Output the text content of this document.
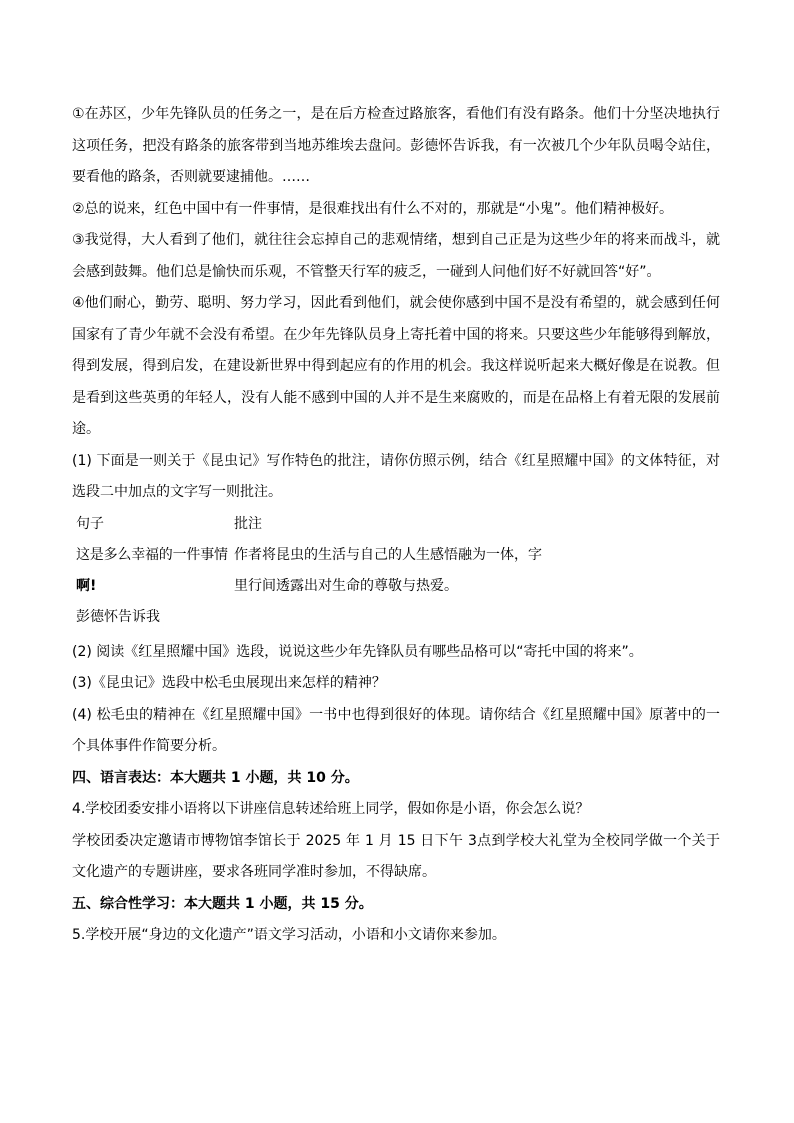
①在苏区，少年先锋队员的任务之一，是在后方检查过路旅客，看他们有没有路条。他们十分坚决地执行这项任务，把没有路条的旅客带到当地苏维埃去盘问。彭德怀告诉我，有一次被几个少年队员喝令站住，要看他的路条，否则就要逮捕他。……

②总的说来，红色中国中有一件事情，是很难找出有什么不对的，那就是“小鬼”。他们精神极好。

③我觉得，大人看到了他们，就往往会忘掉自己的悲观情绪，想到自己正是为这些少年的将来而战斗，就会感到鼓舞。他们总是愉快而乐观，不管整天行军的疲乏，一碰到人问他们好不好就回答“好”。

④他们耐心，勤劳、聪明、努力学习，因此看到他们，就会使你感到中国不是没有希望的，就会感到任何国家有了青少年就不会没有希望。在少年先锋队员身上寄托着中国的将来。只要这些少年能够得到解放，得到发展，得到启发，在建设新世界中得到起应有的作用的机会。我这样说听起来大概好像是在说教。但是看到这些英勇的年轻人，没有人能不感到中国的人并不是生来腐败的，而是在品格上有着无限的发展前途。

(1) 下面是一则关于《昆虫记》写作特色的批注，请你仿照示例，结合《红星照耀中国》的文体特征，对选段二中加点的文字写一则批注。

句子	批注
这是多么幸福的一件事情
啊!	作者将昆虫的生活与自己的人生感悟融为一体，字里行间透露出对生命的尊敬与热爱。
彭德怀告诉我	

(2) 阅读《红星照耀中国》选段，说说这些少年先锋队员有哪些品格可以“寄托中国的将来”。

(3)《昆虫记》选段中松毛虫展现出来怎样的精神？

(4) 松毛虫的精神在《红星照耀中国》一书中也得到很好的体现。请你结合《红星照耀中国》原著中的一个具体事件作简要分析。

四、语言表达：本大题共 1 小题，共 10 分。

4.学校团委安排小语将以下讲座信息转述给班上同学，假如你是小语，你会怎么说？

学校团委决定邀请市博物馆李馆长于 2025 年 1 月 15 日下午 3点到学校大礼堂为全校同学做一个关于文化遗产的专题讲座，要求各班同学准时参加，不得缺席。

五、综合性学习：本大题共 1 小题，共 15 分。

5.学校开展“身边的文化遗产”语文学习活动，小语和小文请你来参加。
